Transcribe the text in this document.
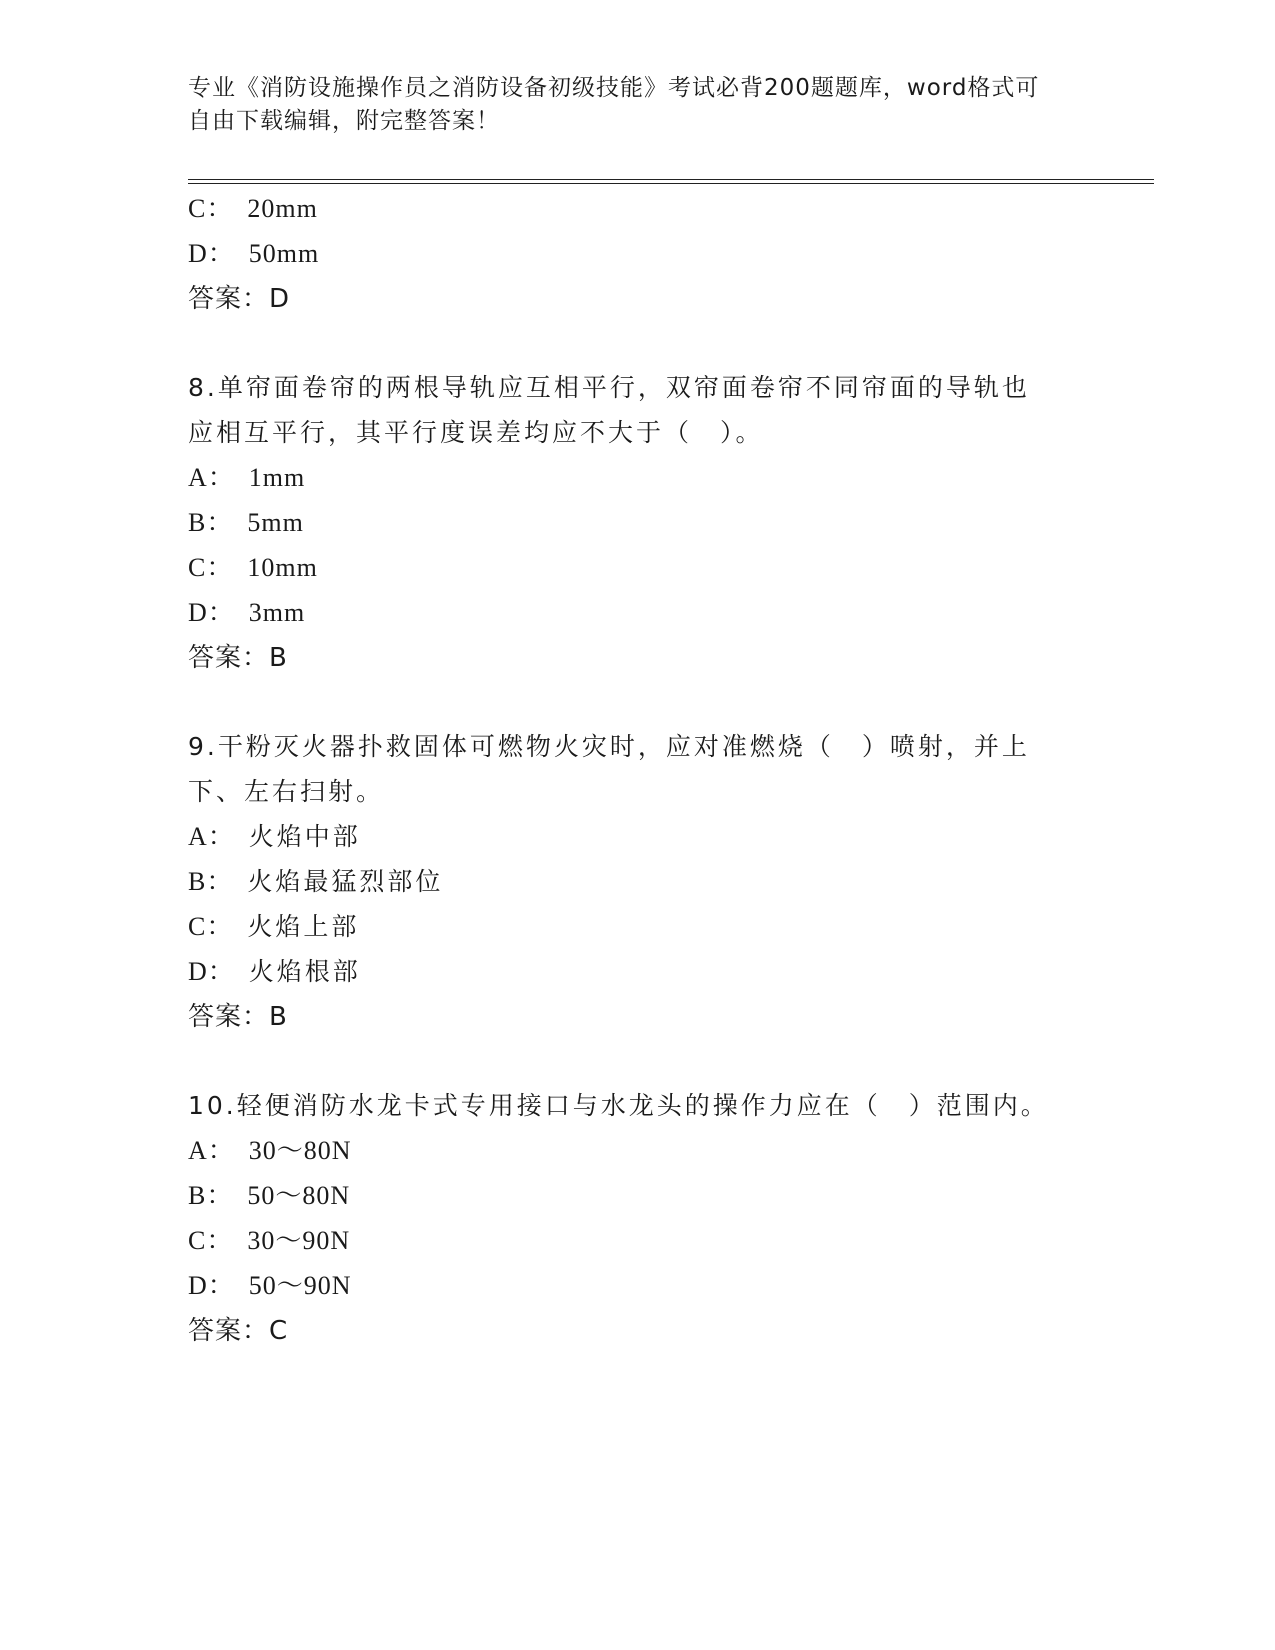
专业《消防设施操作员之消防设备初级技能》考试必背200题题库，word格式可
自由下载编辑，附完整答案！
C： 20mm
D： 50mm
答案：D
8.单帘面卷帘的两根导轨应互相平行，双帘面卷帘不同帘面的导轨也
应相互平行，其平行度误差均应不大于（　）。
A： 1mm
B： 5mm
C： 10mm
D： 3mm
答案：B
9.干粉灭火器扑救固体可燃物火灾时，应对准燃烧（　）喷射，并上
下、左右扫射。
A： 火焰中部
B： 火焰最猛烈部位
C： 火焰上部
D： 火焰根部
答案：B
10.轻便消防水龙卡式专用接口与水龙头的操作力应在（　）范围内。
A： 30～80N
B： 50～80N
C： 30～90N
D： 50～90N
答案：C
